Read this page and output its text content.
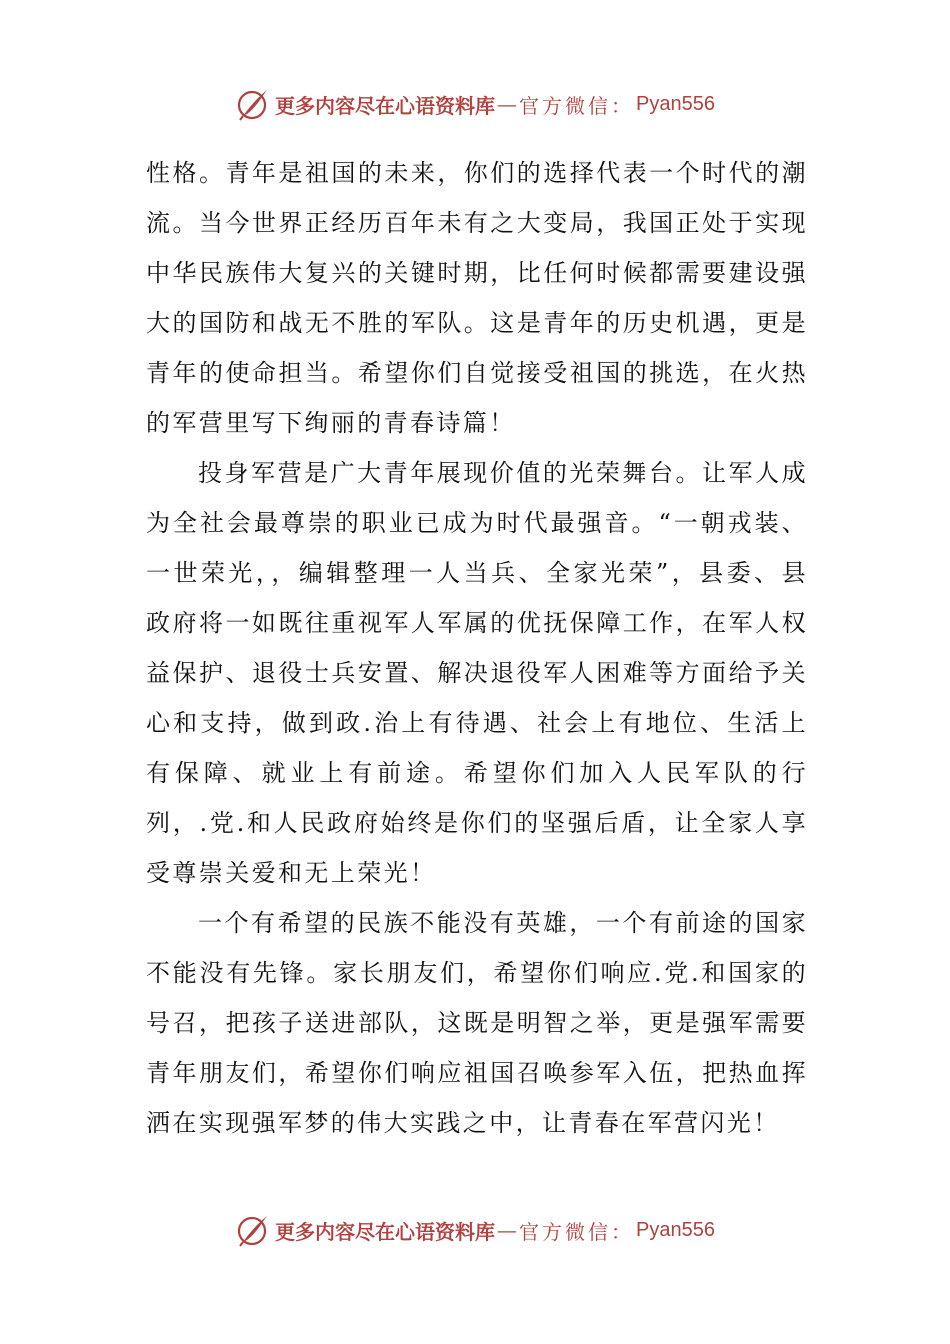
更多内容尽在心语资料库 — 官方微信： Pyan556

性格。青年是祖国的未来，你们的选择代表一个时代的潮流。当今世界正经历百年未有之大变局，我国正处于实现中华民族伟大复兴的关键时期，比任何时候都需要建设强大的国防和战无不胜的军队。这是青年的历史机遇，更是青年的使命担当。希望你们自觉接受祖国的挑选，在火热的军营里写下绚丽的青春诗篇！

投身军营是广大青年展现价值的光荣舞台。让军人成为全社会最尊崇的职业已成为时代最强音。“一朝戎装、一世荣光，，编辑整理一人当兵、全家光荣”，县委、县政府将一如既往重视军人军属的优抚保障工作，在军人权益保护、退役士兵安置、解决退役军人困难等方面给予关心和支持，做到政.治上有待遇、社会上有地位、生活上有保障、就业上有前途。希望你们加入人民军队的行列，.党.和人民政府始终是你们的坚强后盾，让全家人享受尊崇关爱和无上荣光！

一个有希望的民族不能没有英雄，一个有前途的国家不能没有先锋。家长朋友们，希望你们响应.党.和国家的号召，把孩子送进部队，这既是明智之举，更是强军需要青年朋友们，希望你们响应祖国召唤参军入伍，把热血挥洒在实现强军梦的伟大实践之中，让青春在军营闪光！

更多内容尽在心语资料库 — 官方微信： Pyan556
